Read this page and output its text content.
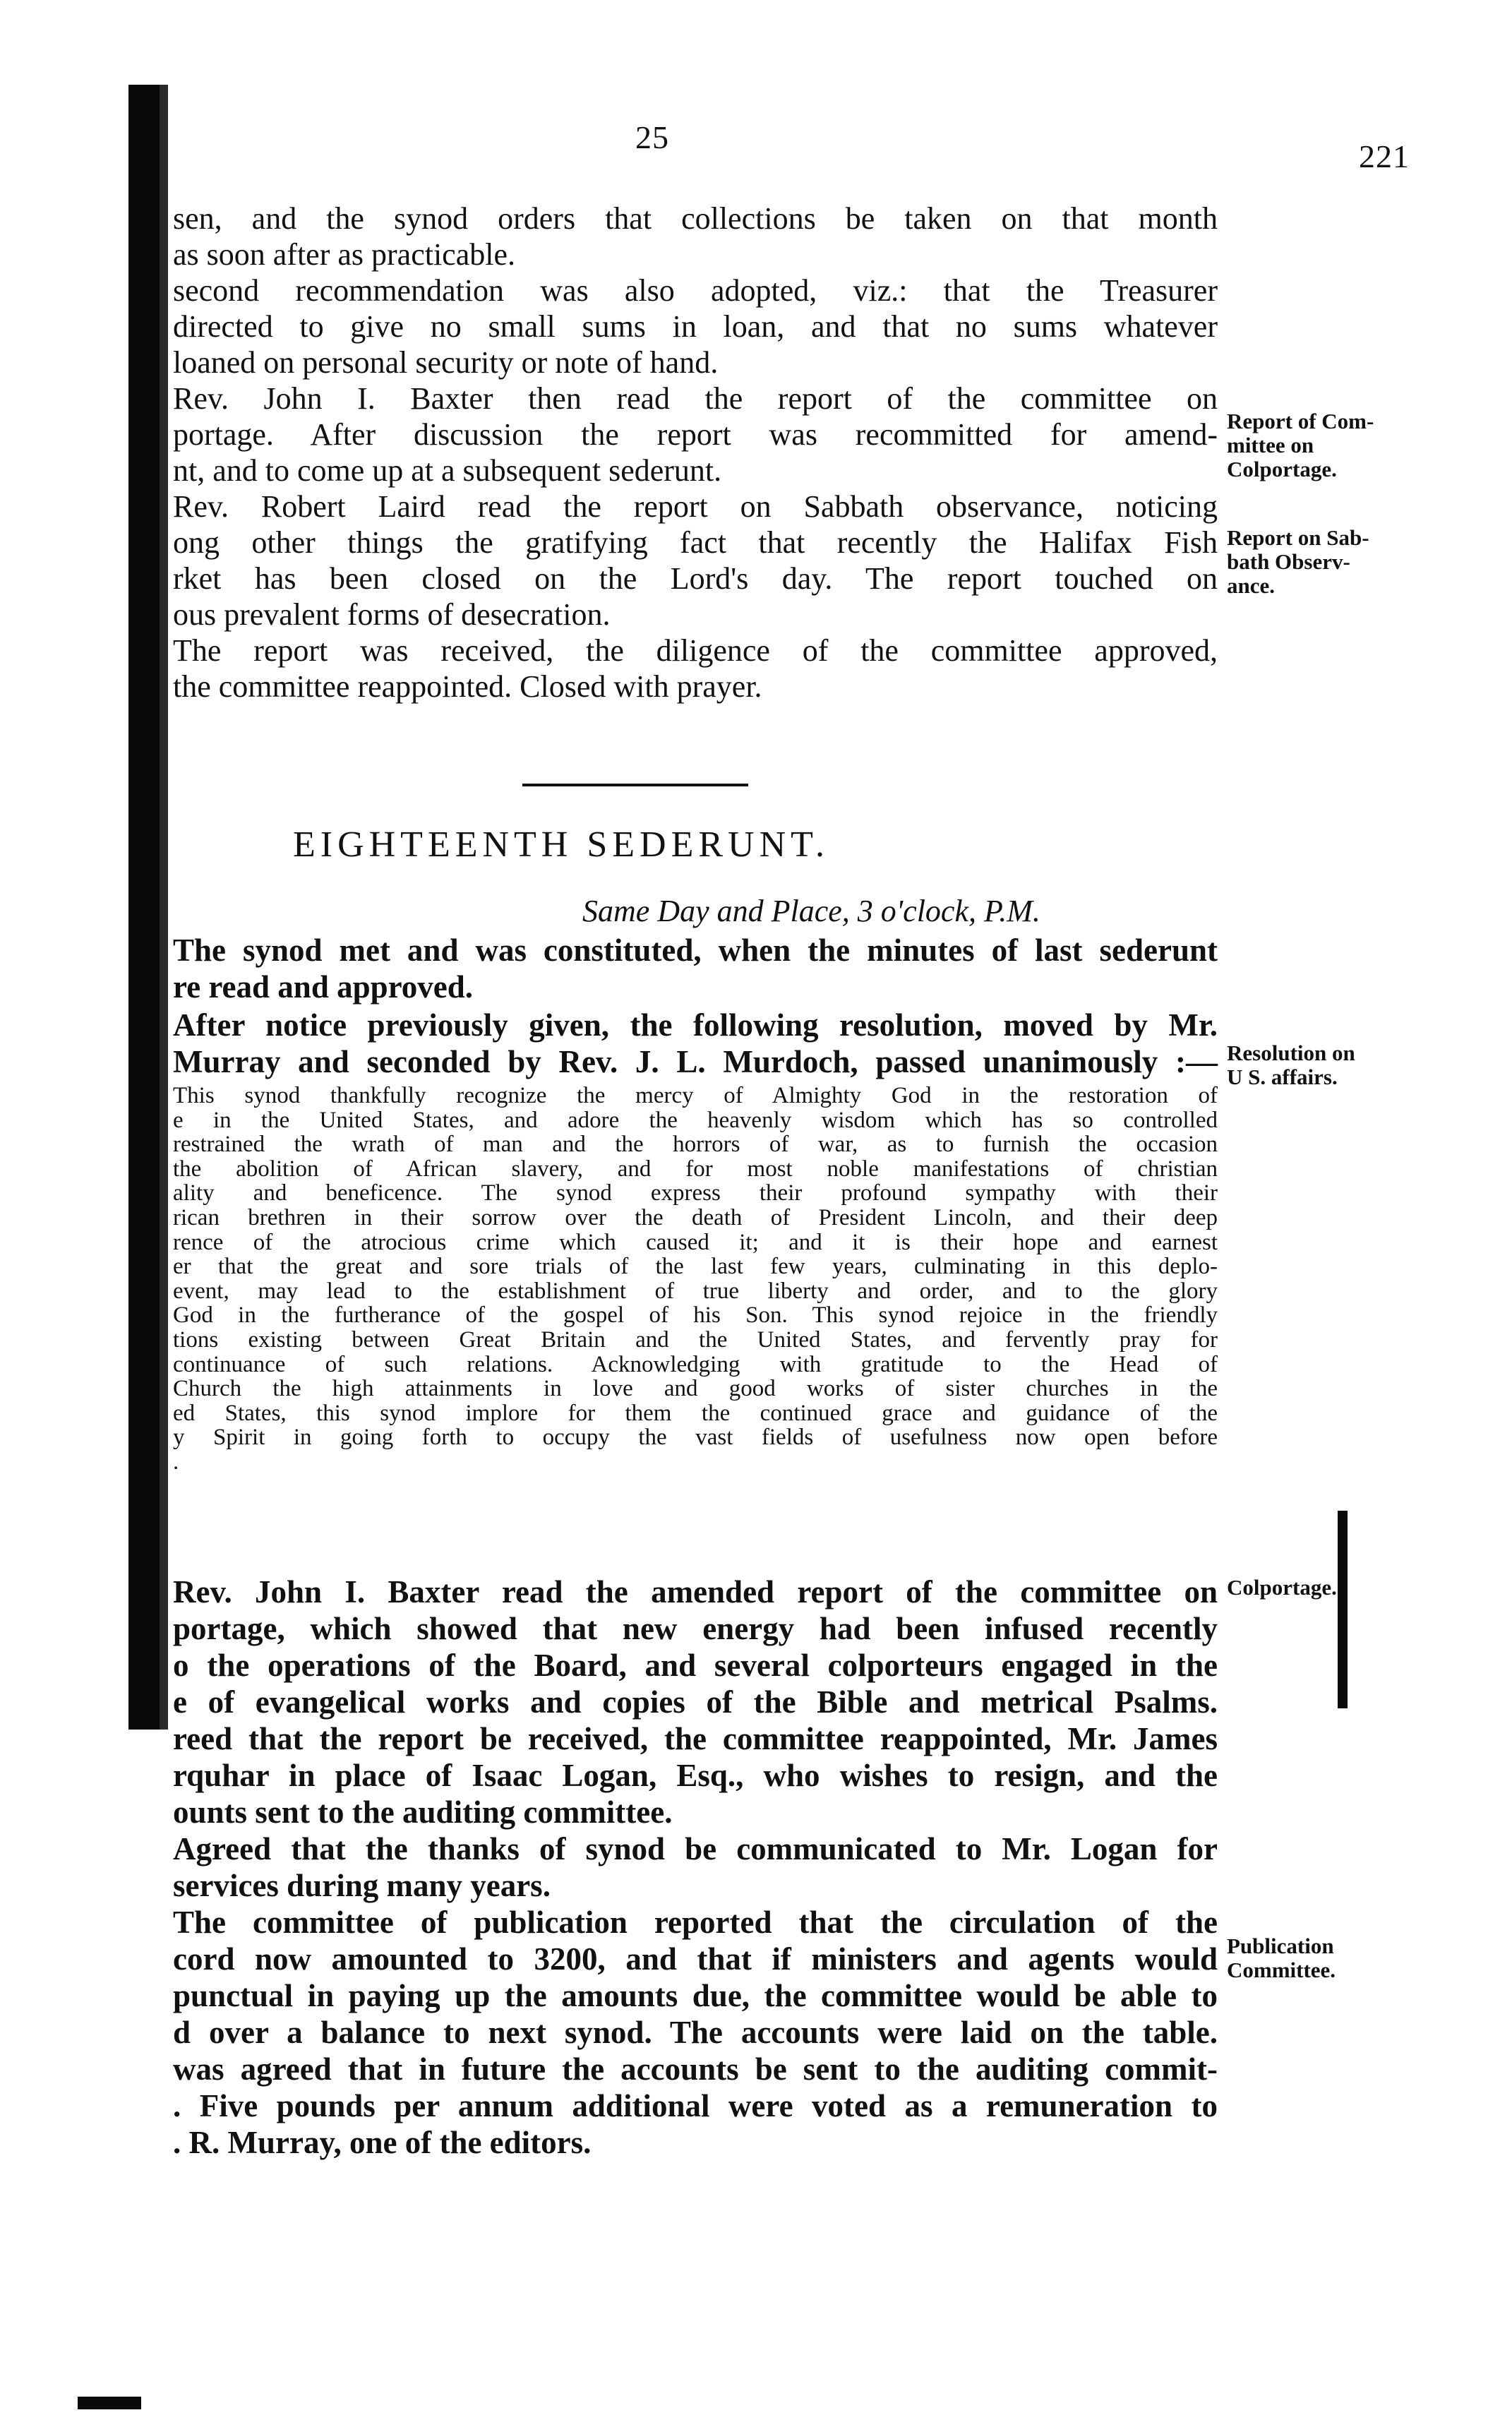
25
221
sen, and the synod orders that collections be taken on that month
as soon after as practicable.
second recommendation was also adopted, viz.: that the Treasurer
directed to give no small sums in loan, and that no sums whatever
loaned on personal security or note of hand.
Rev. John I. Baxter then read the report of the committee on
portage. After discussion the report was recommitted for amend-
nt, and to come up at a subsequent sederunt.
Rev. Robert Laird read the report on Sabbath observance, noticing
ong other things the gratifying fact that recently the Halifax Fish
rket has been closed on the Lord's day. The report touched on
ous prevalent forms of desecration.
The report was received, the diligence of the committee approved,
the committee reappointed. Closed with prayer.
EIGHTEENTH SEDERUNT.
Same Day and Place, 3 o'clock, P.M.
The synod met and was constituted, when the minutes of last sederunt
re read and approved.
After notice previously given, the following resolution, moved by Mr.
Murray and seconded by Rev. J. L. Murdoch, passed unanimously :—
This synod thankfully recognize the mercy of Almighty God in the restoration of
e in the United States, and adore the heavenly wisdom which has so controlled
restrained the wrath of man and the horrors of war, as to furnish the occasion
the abolition of African slavery, and for most noble manifestations of christian
ality and beneficence. The synod express their profound sympathy with their
rican brethren in their sorrow over the death of President Lincoln, and their deep
rence of the atrocious crime which caused it; and it is their hope and earnest
er that the great and sore trials of the last few years, culminating in this deplo-
event, may lead to the establishment of true liberty and order, and to the glory
God in the furtherance of the gospel of his Son. This synod rejoice in the friendly
tions existing between Great Britain and the United States, and fervently pray for
continuance of such relations. Acknowledging with gratitude to the Head of
Church the high attainments in love and good works of sister churches in the
ed States, this synod implore for them the continued grace and guidance of the
y Spirit in going forth to occupy the vast fields of usefulness now open before
.
Rev. John I. Baxter read the amended report of the committee on
portage, which showed that new energy had been infused recently
o the operations of the Board, and several colporteurs engaged in the
e of evangelical works and copies of the Bible and metrical Psalms.
reed that the report be received, the committee reappointed, Mr. James
rquhar in place of Isaac Logan, Esq., who wishes to resign, and the
ounts sent to the auditing committee.
Agreed that the thanks of synod be communicated to Mr. Logan for
services during many years.
The committee of publication reported that the circulation of the
cord now amounted to 3200, and that if ministers and agents would
punctual in paying up the amounts due, the committee would be able to
d over a balance to next synod. The accounts were laid on the table.
was agreed that in future the accounts be sent to the auditing commit-
. Five pounds per annum additional were voted as a remuneration to
. R. Murray, one of the editors.
Report of Com-
mittee on
Colportage.
Report on Sab-
bath Observ-
ance.
Resolution on
U S. affairs.
Colportage.
Publication
Committee.
